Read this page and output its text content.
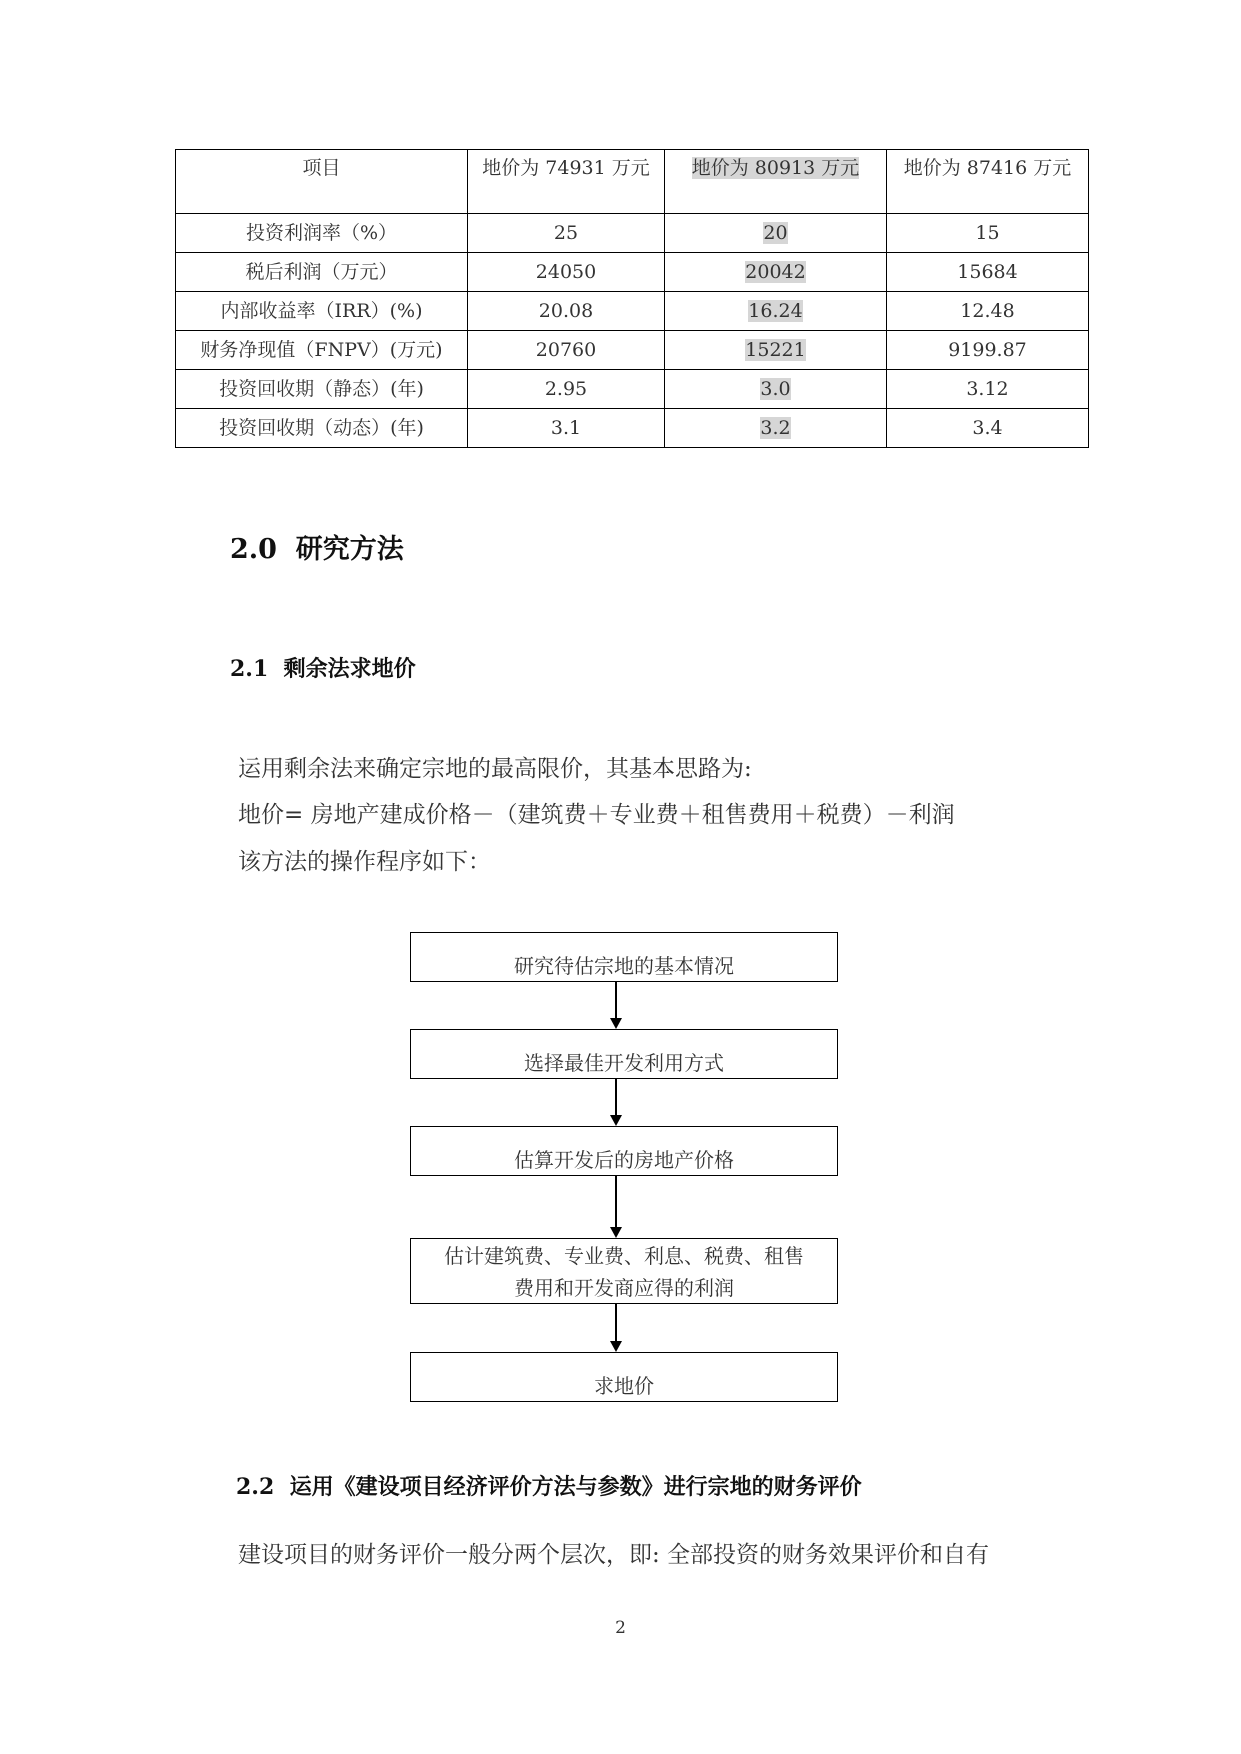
项目	地价为 74931 万元	地价为 80913 万元	地价为 87416 万元
投资利润率（%）	25	20	15
税后利润（万元）	24050	20042	15684
内部收益率（IRR）(%)	20.08	16.24	12.48
财务净现值（FNPV）(万元)	20760	15221	9199.87
投资回收期（静态）(年)	2.95	3.0	3.12
投资回收期（动态）(年)	3.1	3.2	3.4
2.0 研究方法
2.1 剩余法求地价
运用剩余法来确定宗地的最高限价，其基本思路为:
地价= 房地产建成价格－（建筑费＋专业费＋租售费用＋税费）－利润
该方法的操作程序如下：
研究待估宗地的基本情况
选择最佳开发利用方式
估算开发后的房地产价格
估计建筑费、专业费、利息、税费、租售
费用和开发商应得的利润
求地价
2.2 运用《建设项目经济评价方法与参数》进行宗地的财务评价
建设项目的财务评价一般分两个层次，即: 全部投资的财务效果评价和自有
2
